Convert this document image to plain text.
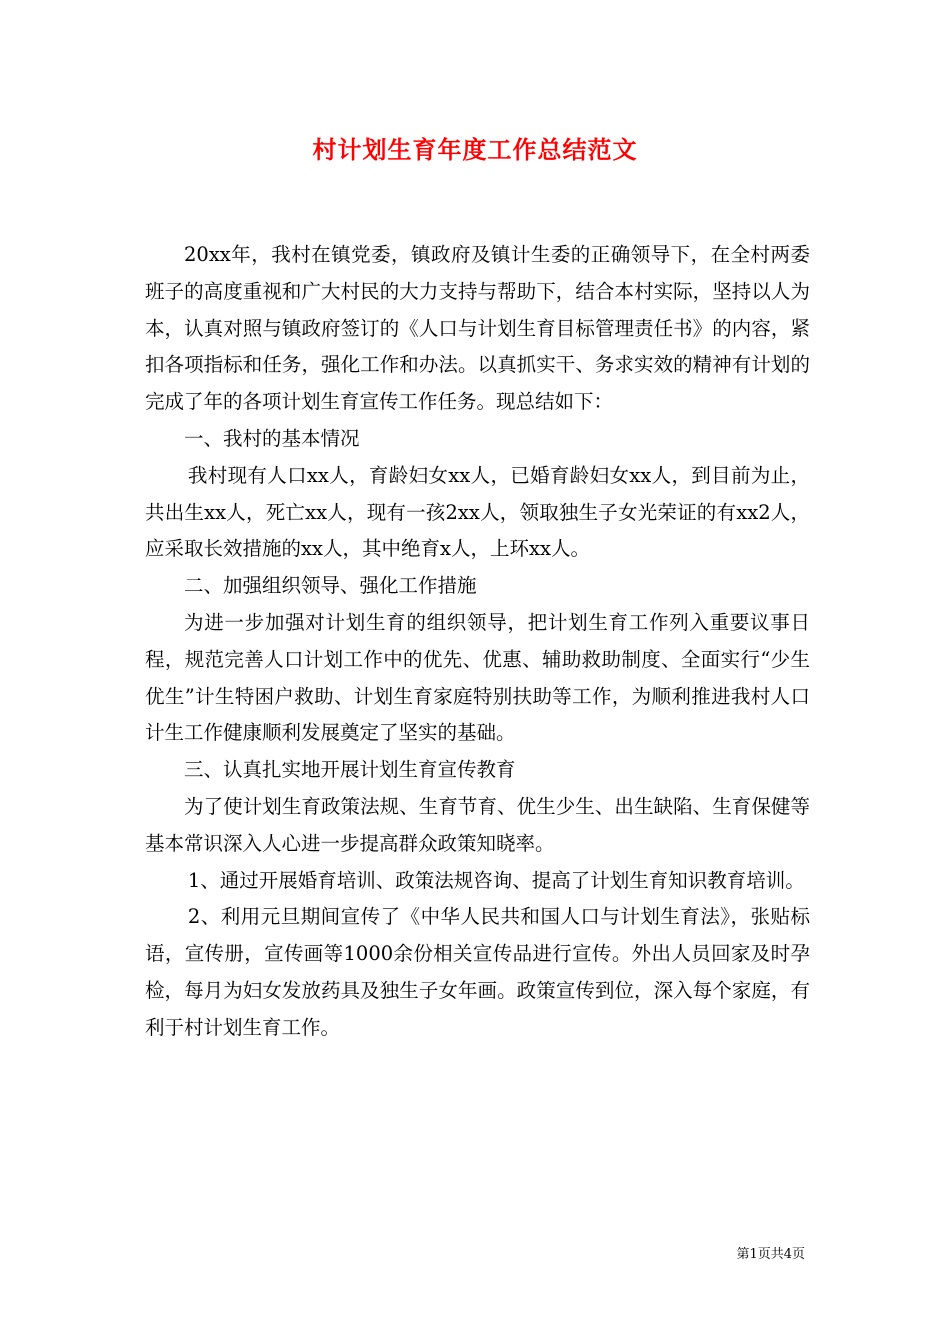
村计划生育年度工作总结范文

20xx年，我村在镇党委，镇政府及镇计生委的正确领导下，在全村两委班子的高度重视和广大村民的大力支持与帮助下，结合本村实际，坚持以人为本，认真对照与镇政府签订的《人口与计划生育目标管理责任书》的内容，紧扣各项指标和任务，强化工作和办法。以真抓实干、务求实效的精神有计划的完成了年的各项计划生育宣传工作任务。现总结如下：

一、我村的基本情况

我村现有人口xx人，育龄妇女xx人，已婚育龄妇女xx人，到目前为止，共出生xx人，死亡xx人，现有一孩2xx人，领取独生子女光荣证的有xx2人，应采取长效措施的xx人，其中绝育x人，上环xx人。

二、加强组织领导、强化工作措施

为进一步加强对计划生育的组织领导，把计划生育工作列入重要议事日程，规范完善人口计划工作中的优先、优惠、辅助救助制度、全面实行“少生优生”计生特困户救助、计划生育家庭特别扶助等工作，为顺利推进我村人口计生工作健康顺利发展奠定了坚实的基础。

三、认真扎实地开展计划生育宣传教育

为了使计划生育政策法规、生育节育、优生少生、出生缺陷、生育保健等基本常识深入人心进一步提高群众政策知晓率。

1、通过开展婚育培训、政策法规咨询、提高了计划生育知识教育培训。

2、利用元旦期间宣传了《中华人民共和国人口与计划生育法》，张贴标语，宣传册，宣传画等1000余份相关宣传品进行宣传。外出人员回家及时孕检，每月为妇女发放药具及独生子女年画。政策宣传到位，深入每个家庭，有利于村计划生育工作。

第1页共4页
